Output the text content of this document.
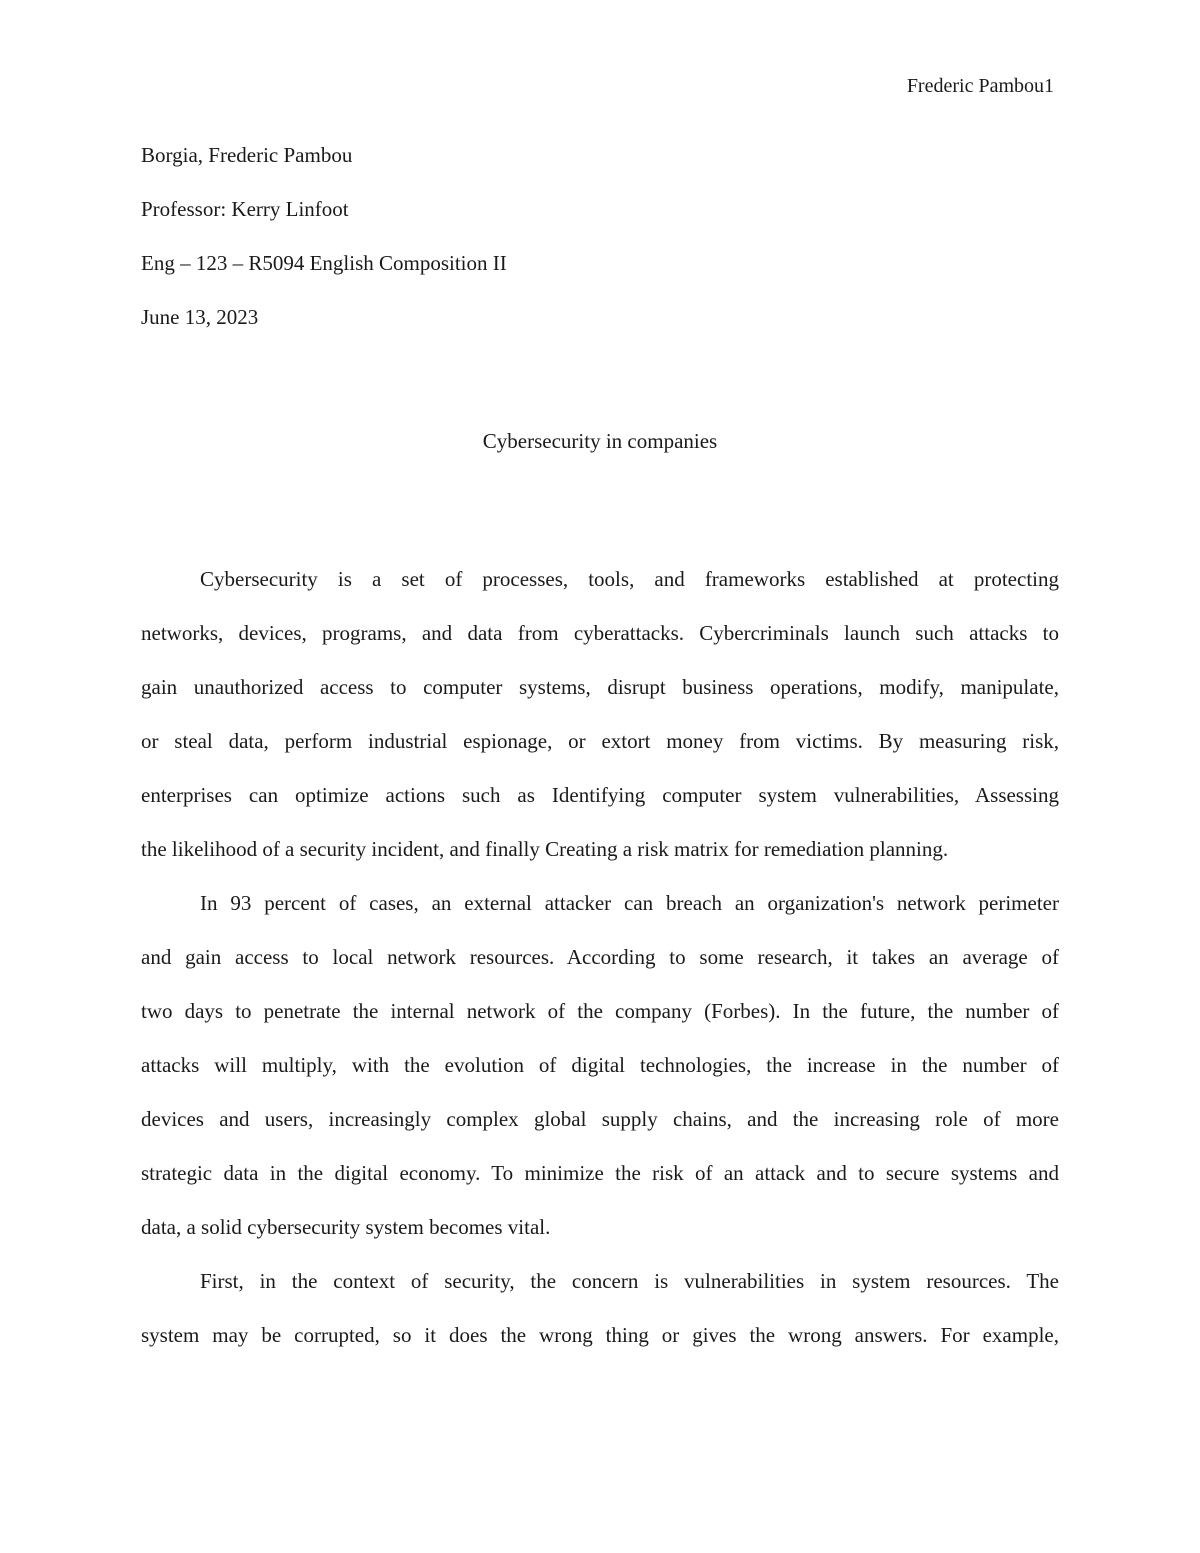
Frederic Pambou1
Borgia, Frederic Pambou
Professor: Kerry Linfoot
Eng – 123 – R5094 English Composition II
June 13, 2023
Cybersecurity in companies
Cybersecurity is a set of processes, tools, and frameworks established at protecting
networks, devices, programs, and data from cyberattacks. Cybercriminals launch such attacks to
gain unauthorized access to computer systems, disrupt business operations, modify, manipulate,
or steal data, perform industrial espionage, or extort money from victims. By measuring risk,
enterprises can optimize actions such as Identifying computer system vulnerabilities, Assessing
the likelihood of a security incident, and finally Creating a risk matrix for remediation planning.
In 93 percent of cases, an external attacker can breach an organization's network perimeter
and gain access to local network resources. According to some research, it takes an average of
two days to penetrate the internal network of the company (Forbes). In the future, the number of
attacks will multiply, with the evolution of digital technologies, the increase in the number of
devices and users, increasingly complex global supply chains, and the increasing role of more
strategic data in the digital economy. To minimize the risk of an attack and to secure systems and
data, a solid cybersecurity system becomes vital.
First, in the context of security, the concern is vulnerabilities in system resources. The
system may be corrupted, so it does the wrong thing or gives the wrong answers. For example,
